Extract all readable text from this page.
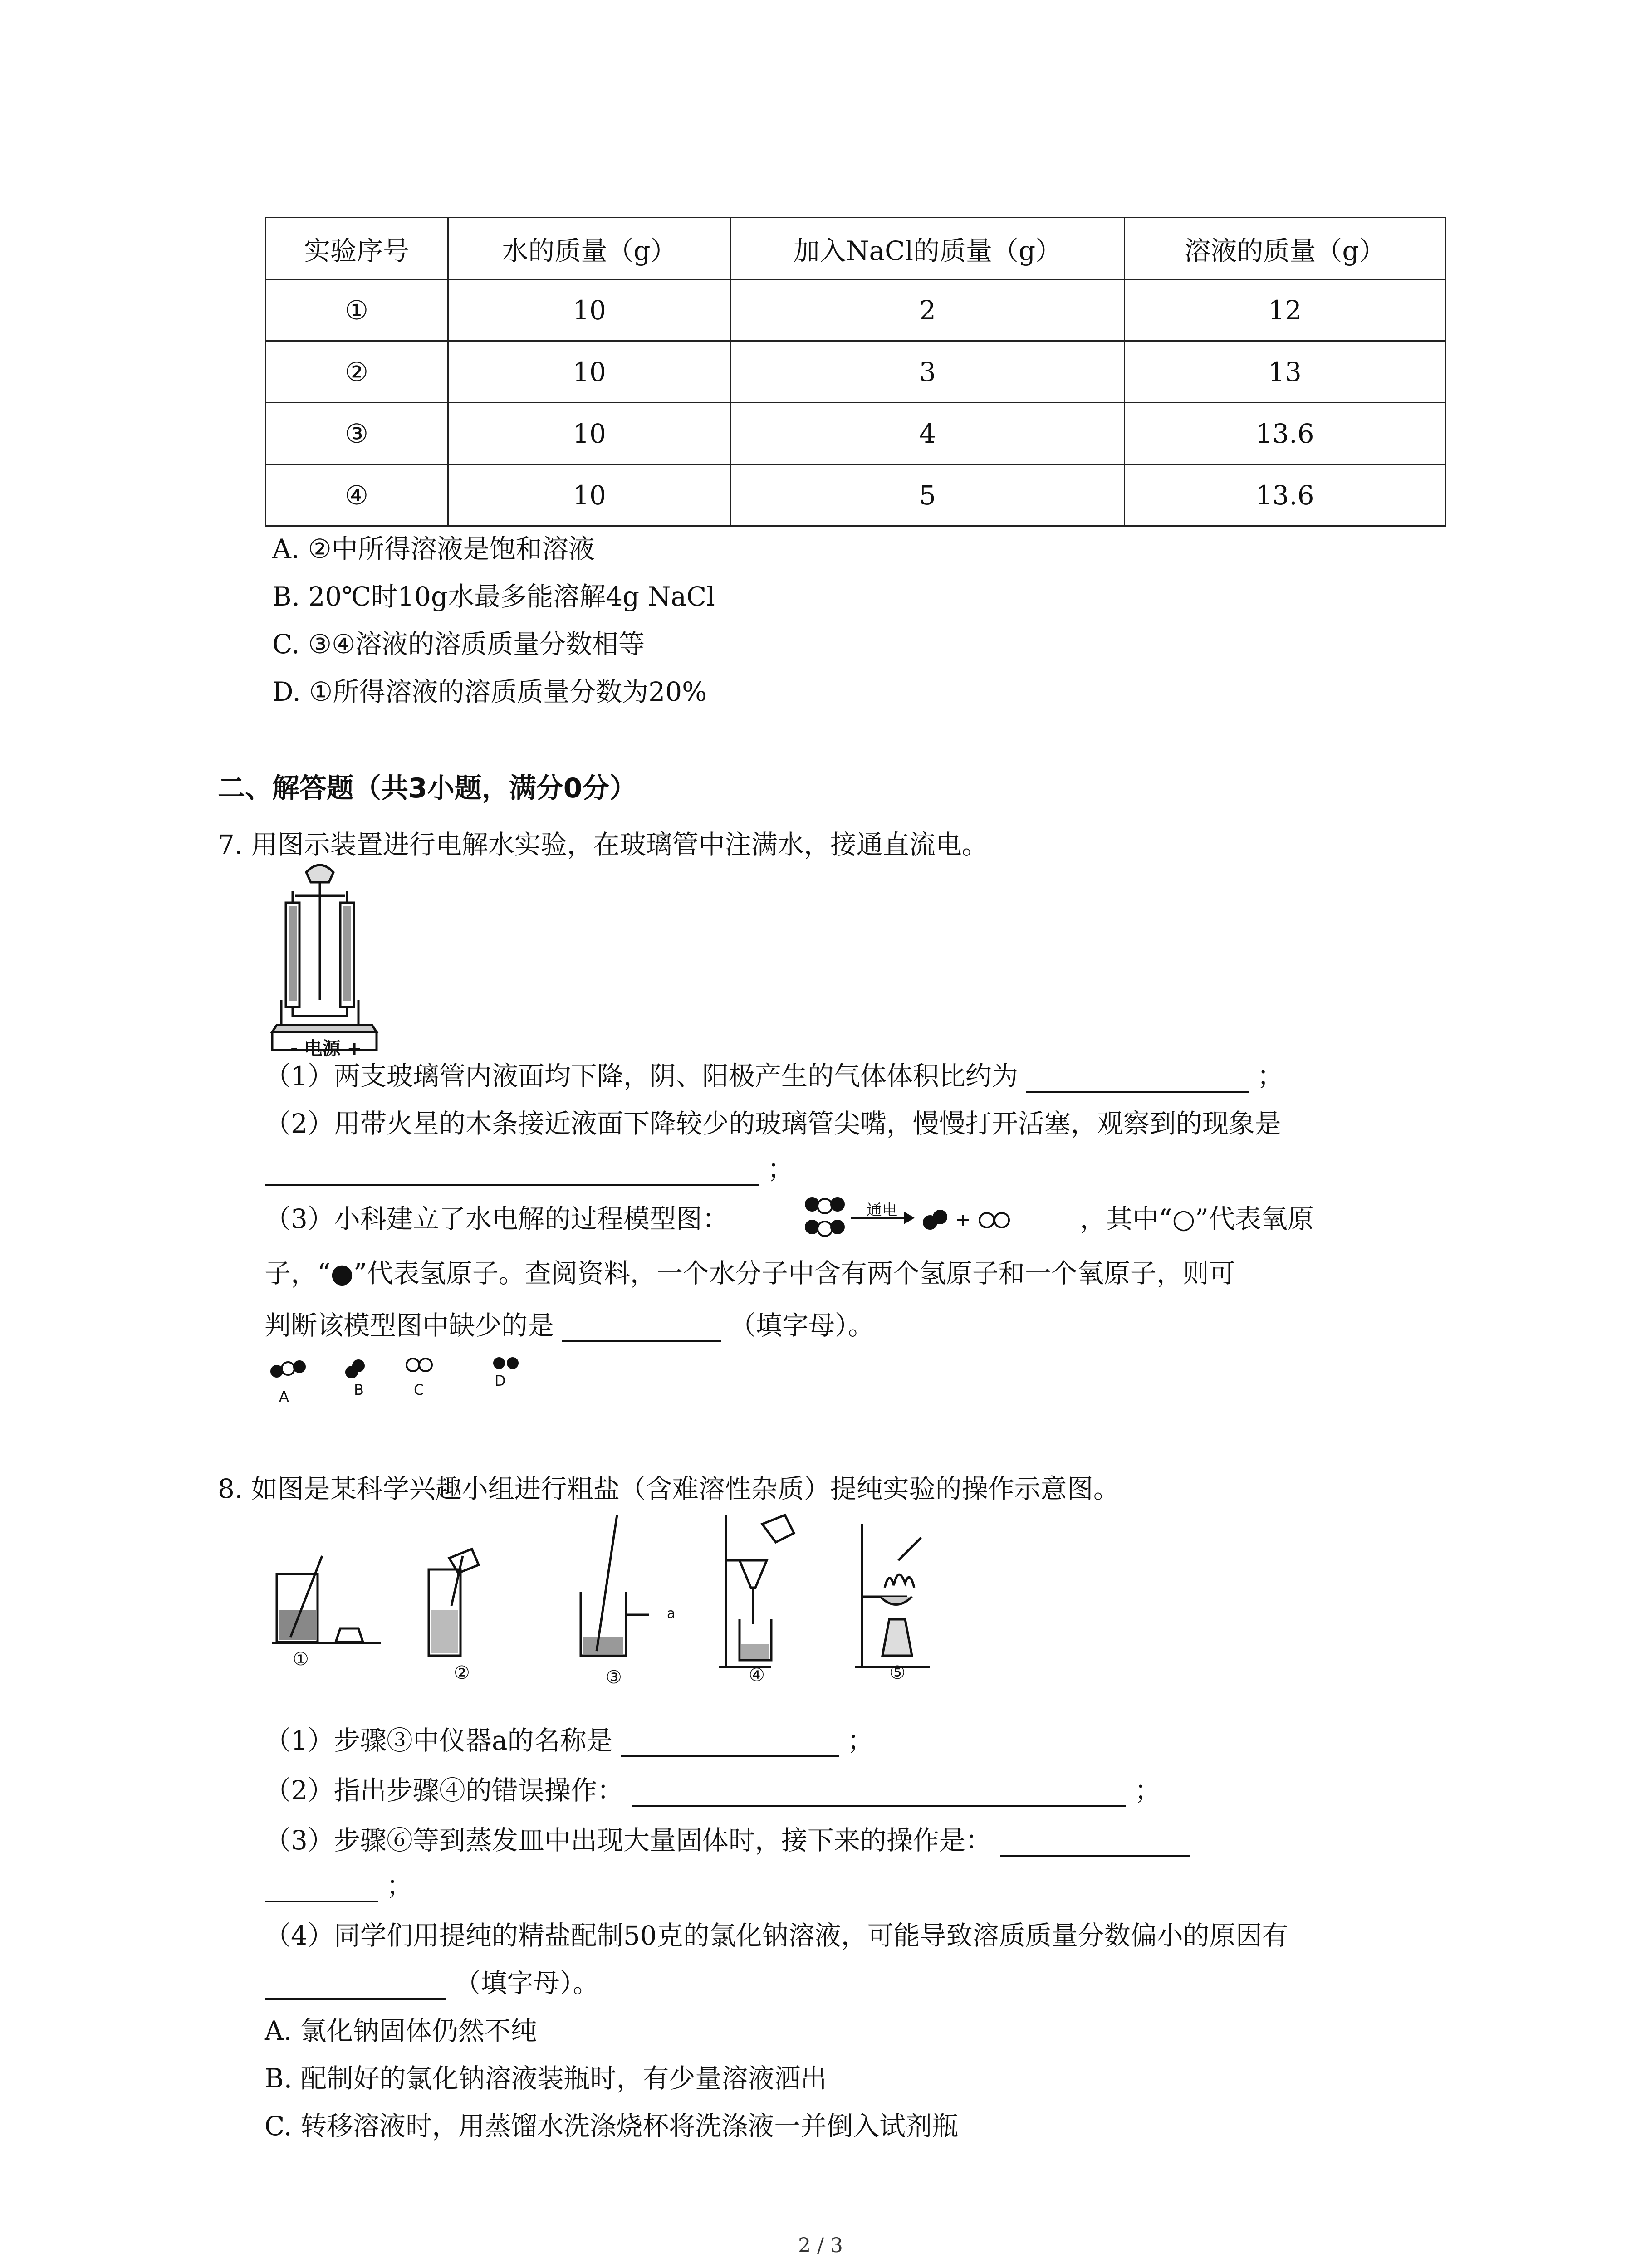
实验序号	水的质量（g）	加入NaCl的质量（g）	溶液的质量（g）
①	10	2	12
②	10	3	13
③	10	4	13.6
④	10	5	13.6
A. ②中所得溶液是饱和溶液
B. 20℃时10g水最多能溶解4g NaCl
C. ③④溶液的溶质质量分数相等
D. ①所得溶液的溶质质量分数为20%
二、解答题（共3小题，满分0分）
7. 用图示装置进行电解水实验，在玻璃管中注满水，接通直流电。
- 电源 +
（1）两支玻璃管内液面均下降，阴、阳极产生的气体体积比约为	；
（2）用带火星的木条接近液面下降较少的玻璃管尖嘴，慢慢打开活塞，观察到的现象是
；
（3）小科建立了水电解的过程模型图：	通电	，其中“○”代表氧原
子，“●”代表氢原子。查阅资料，一个水分子中含有两个氢原子和一个氧原子，则可
判断该模型图中缺少的是	（填字母）。
A	B	C
D
8. 如图是某科学兴趣小组进行粗盐（含难溶性杂质）提纯实验的操作示意图。
①
②	③	④	⑤
a
（1）步骤③中仪器a的名称是	；
（2）指出步骤④的错误操作：	；
（3）步骤⑥等到蒸发皿中出现大量固体时，接下来的操作是：
；
（4）同学们用提纯的精盐配制50克的氯化钠溶液，可能导致溶质质量分数偏小的原因有
（填字母）。
A. 氯化钠固体仍然不纯
B. 配制好的氯化钠溶液装瓶时，有少量溶液洒出
C. 转移溶液时，用蒸馏水洗涤烧杯将洗涤液一并倒入试剂瓶
2 / 3
